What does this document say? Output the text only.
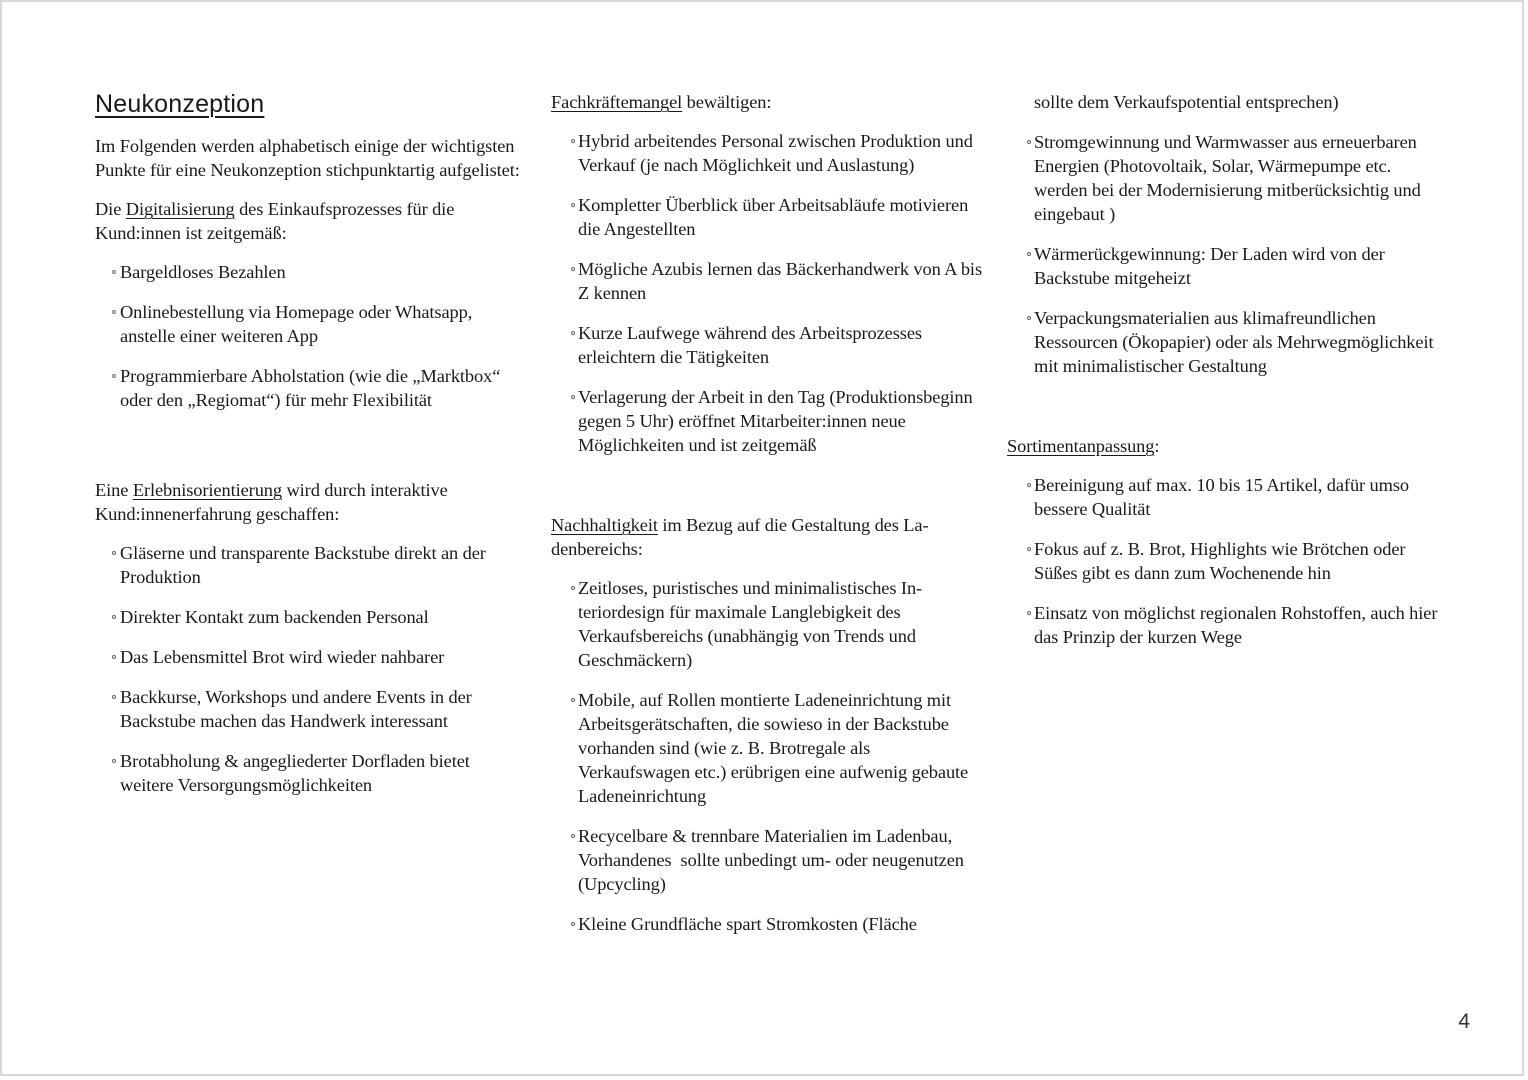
Neukonzeption

Im Folgenden werden alphabetisch einige der wichtigsten Punkte für eine Neukonzeption stichpunktartig aufgelistet:

Die Digitalisierung des Einkaufsprozesses für die Kund:innen ist zeitgemäß:

Bargeldloses Bezahlen
Onlinebestellung via Homepage oder Whatsapp, anstelle einer weiteren App
Programmierbare Abholstation (wie die „Marktbox“ oder den „Regiomat“) für mehr Flexibilität

Eine Erlebnisorientierung wird durch interaktive Kund:innenerfahrung geschaffen:

Gläserne und transparente Backstube direkt an der Produktion
Direkter Kontakt zum backenden Personal
Das Lebensmittel Brot wird wieder nahbarer
Backkurse, Workshops und andere Events in der Backstube machen das Handwerk interessant
Brotabholung & angegliederter Dorfladen bietet weitere Versorgungsmöglichkeiten

Fachkräftemangel bewältigen:

Hybrid arbeitendes Personal zwischen Produktion und Verkauf (je nach Möglichkeit und Auslastung)
Kompletter Überblick über Arbeitsabläufe motivieren die Angestellten
Mögliche Azubis lernen das Bäckerhandwerk von A bis Z kennen
Kurze Laufwege während des Arbeitsprozesses erleichtern die Tätigkeiten
Verlagerung der Arbeit in den Tag (Produktionsbeginn gegen 5 Uhr) eröffnet Mitarbeiter:innen neue Möglichkeiten und ist zeitgemäß

Nachhaltigkeit im Bezug auf die Gestaltung des Ladenbereichs:

Zeitloses, puristisches und minimalistisches Interiordesign für maximale Langlebigkeit des Verkaufsbereichs (unabhängig von Trends und Geschmäckern)
Mobile, auf Rollen montierte Ladeneinrichtung mit Arbeitsgerätschaften, die sowieso in der Backstube vorhanden sind (wie z. B. Brotregale als Verkaufswagen etc.) erübrigen eine aufwenig gebaute Ladeneinrichtung
Recycelbare & trennbare Materialien im Ladenbau, Vorhandenes  sollte unbedingt um- oder neugenutzen (Upcycling)
Kleine Grundfläche spart Stromkosten (Fläche

sollte dem Verkaufspotential entsprechen)

Stromgewinnung und Warmwasser aus erneuerbaren Energien (Photovoltaik, Solar, Wärmepumpe etc. werden bei der Modernisierung mitberücksichtig und eingebaut )
Wärmerückgewinnung: Der Laden wird von der Backstube mitgeheizt
Verpackungsmaterialien aus klimafreundlichen Ressourcen (Ökopapier) oder als Mehrwegmöglichkeit mit minimalistischer Gestaltung

Sortimentanpassung:

Bereinigung auf max. 10 bis 15 Artikel, dafür umso bessere Qualität
Fokus auf z. B. Brot, Highlights wie Brötchen oder Süßes gibt es dann zum Wochenende hin
Einsatz von möglichst regionalen Rohstoffen, auch hier das Prinzip der kurzen Wege
4
